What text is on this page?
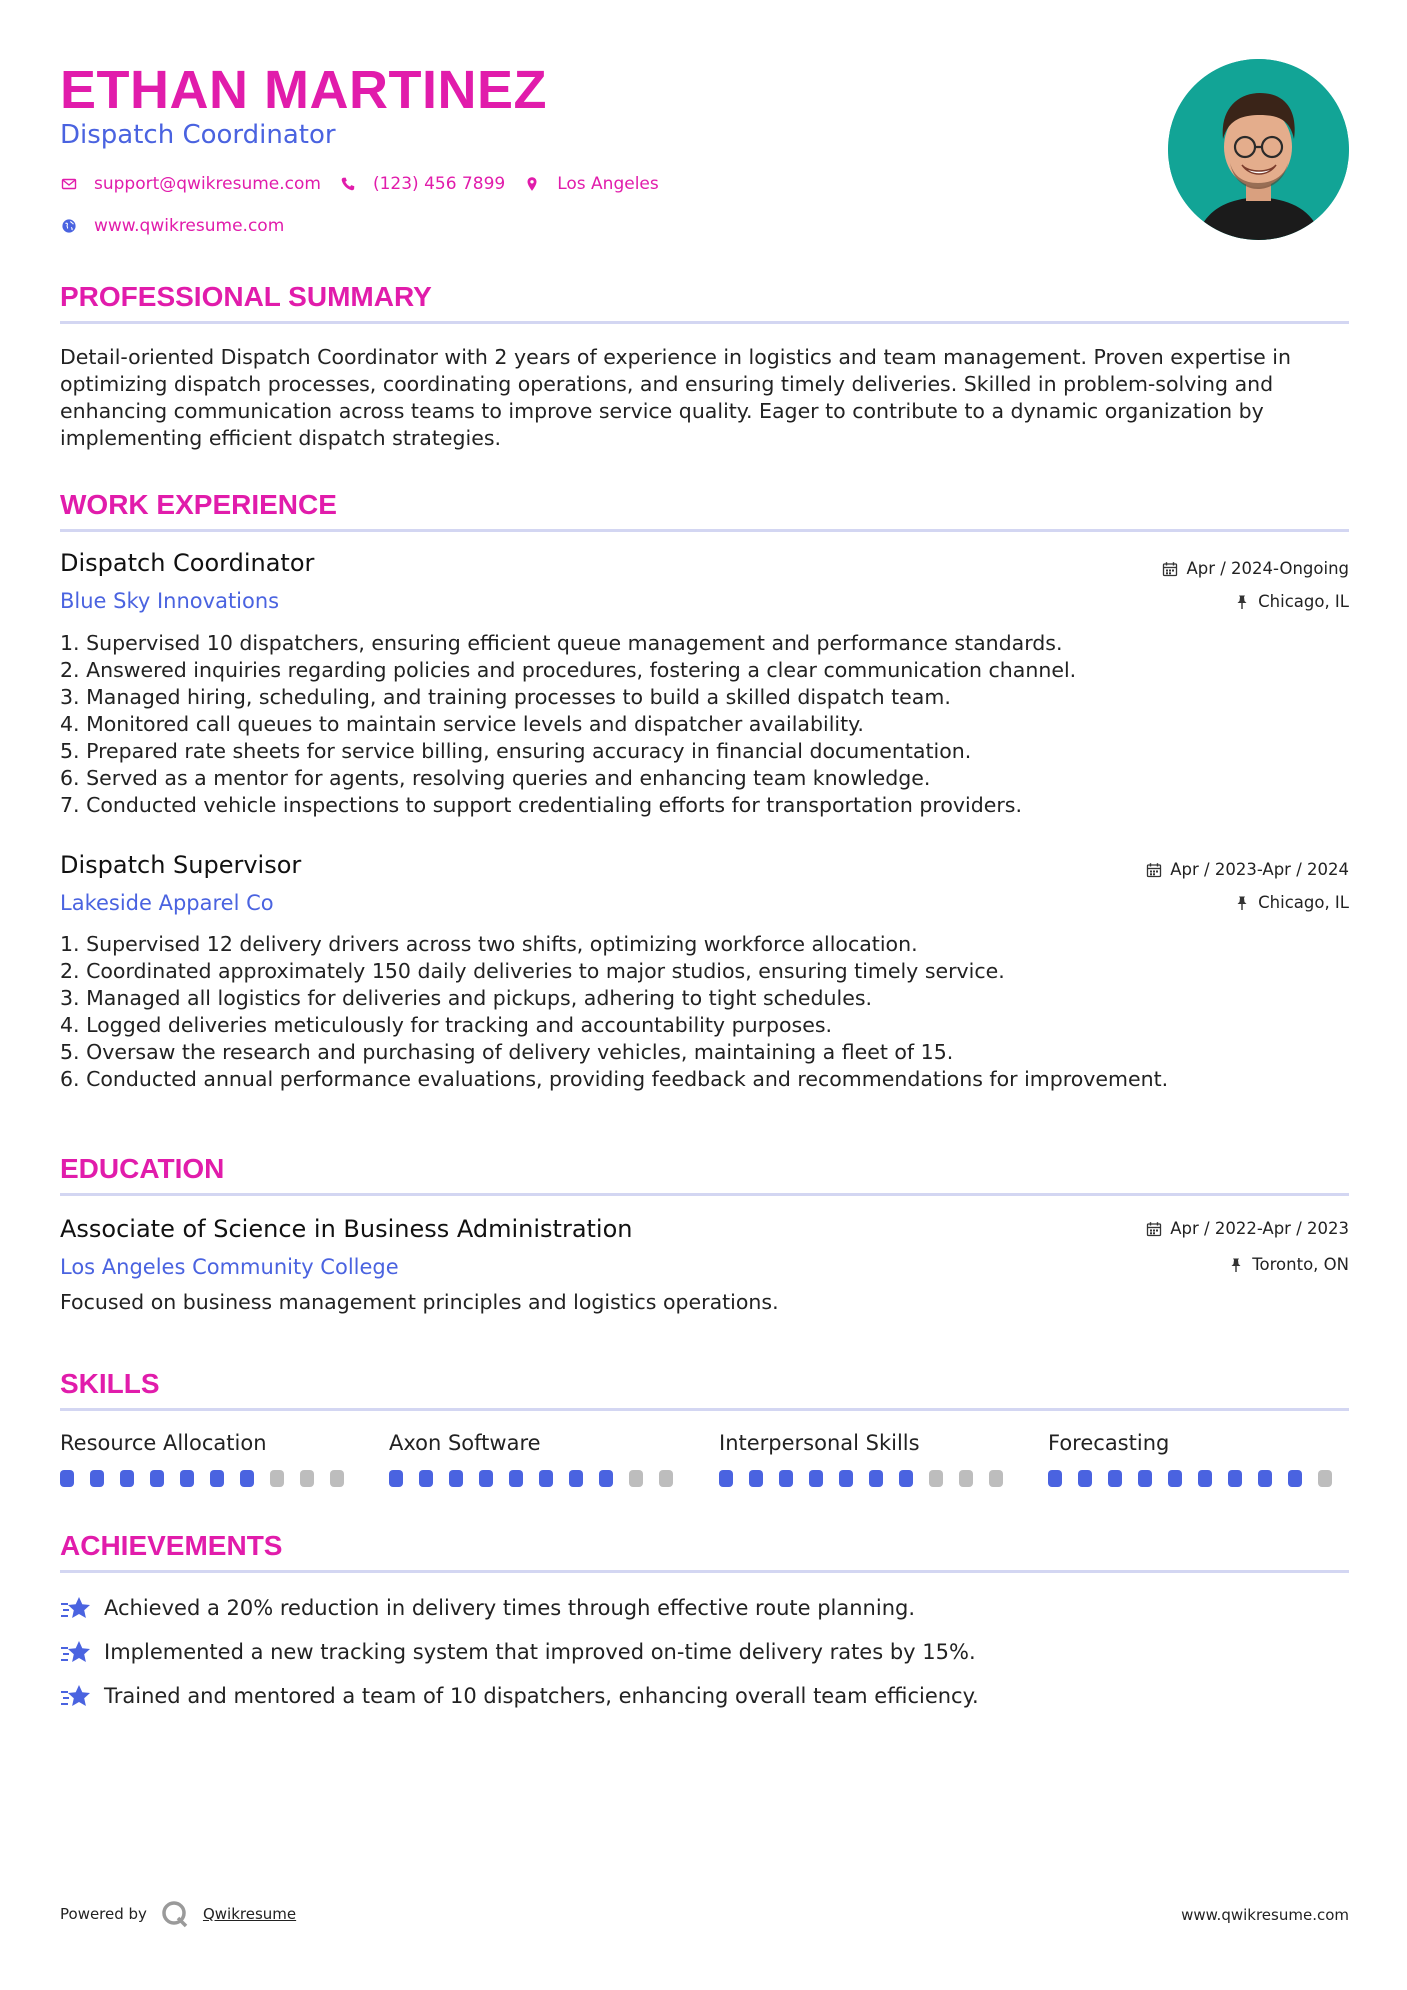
ETHAN MARTINEZ
Dispatch Coordinator
support@qwikresume.com	(123) 456 7899	Los Angeles
www.qwikresume.com
PROFESSIONAL SUMMARY
Detail-oriented Dispatch Coordinator with 2 years of experience in logistics and team management. Proven expertise in
optimizing dispatch processes, coordinating operations, and ensuring timely deliveries. Skilled in problem-solving and
enhancing communication across teams to improve service quality. Eager to contribute to a dynamic organization by
implementing efficient dispatch strategies.
WORK EXPERIENCE
Dispatch Coordinator
Blue Sky Innovations
Apr / 2024-Ongoing
Chicago, IL
1. Supervised 10 dispatchers, ensuring efficient queue management and performance standards.
2. Answered inquiries regarding policies and procedures, fostering a clear communication channel.
3. Managed hiring, scheduling, and training processes to build a skilled dispatch team.
4. Monitored call queues to maintain service levels and dispatcher availability.
5. Prepared rate sheets for service billing, ensuring accuracy in financial documentation.
6. Served as a mentor for agents, resolving queries and enhancing team knowledge.
7. Conducted vehicle inspections to support credentialing efforts for transportation providers.
Dispatch Supervisor
Lakeside Apparel Co
Apr / 2023-Apr / 2024
Chicago, IL
1. Supervised 12 delivery drivers across two shifts, optimizing workforce allocation.
2. Coordinated approximately 150 daily deliveries to major studios, ensuring timely service.
3. Managed all logistics for deliveries and pickups, adhering to tight schedules.
4. Logged deliveries meticulously for tracking and accountability purposes.
5. Oversaw the research and purchasing of delivery vehicles, maintaining a fleet of 15.
6. Conducted annual performance evaluations, providing feedback and recommendations for improvement.
EDUCATION
Associate of Science in Business Administration
Los Angeles Community College
Apr / 2022-Apr / 2023
Toronto, ON
Focused on business management principles and logistics operations.
SKILLS
Resource Allocation	Axon Software	Interpersonal Skills	Forecasting
ACHIEVEMENTS
Achieved a 20% reduction in delivery times through effective route planning.
Implemented a new tracking system that improved on-time delivery rates by 15%.
Trained and mentored a team of 10 dispatchers, enhancing overall team efficiency.
Powered by	Qwikresume	www.qwikresume.com
